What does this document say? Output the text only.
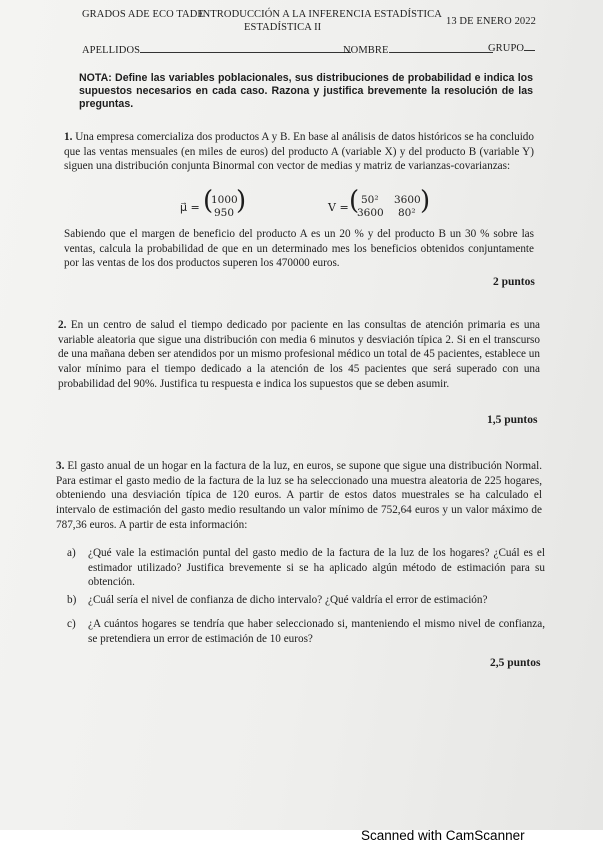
GRADOS ADE ECO TADE
INTRODUCCIÓN A LA INFERENCIA ESTADÍSTICA
ESTADÍSTICA II
13 DE ENERO 2022
APELLIDOS	NOMBRE	GRUPO
NOTA: Define las variables poblacionales, sus distribuciones de probabilidad e indica los supuestos necesarios en cada caso. Razona y justifica brevemente la resolución de las preguntas.
1. Una empresa comercializa dos productos A y B. En base al análisis de datos históricos se ha concluido que las ventas mensuales (en miles de euros) del producto A (variable X) y del producto B (variable Y) siguen una distribución conjunta Binormal con vector de medias y matriz de varianzas-covarianzas:
μ⃗ = (
1000
950 )	V = ( 50² 3600
3600 80² )
Sabiendo que el margen de beneficio del producto A es un 20 % y del producto B un 30 % sobre las ventas, calcula la probabilidad de que en un determinado mes los beneficios obtenidos conjuntamente por las ventas de los dos productos superen los 470000 euros.
2 puntos
2. En un centro de salud el tiempo dedicado por paciente en las consultas de atención primaria es una variable aleatoria que sigue una distribución con media 6 minutos y desviación típica 2. Si en el transcurso de una mañana deben ser atendidos por un mismo profesional médico un total de 45 pacientes, establece un valor mínimo para el tiempo dedicado a la atención de los 45 pacientes que será superado con una probabilidad del 90%. Justifica tu respuesta e indica los supuestos que se deben asumir.
1,5 puntos
3. El gasto anual de un hogar en la factura de la luz, en euros, se supone que sigue una distribución Normal. Para estimar el gasto medio de la factura de la luz se ha seleccionado una muestra aleatoria de 225 hogares, obteniendo una desviación típica de 120 euros. A partir de estos datos muestrales se ha calculado el intervalo de estimación del gasto medio resultando un valor mínimo de 752,64 euros y un valor máximo de 787,36 euros. A partir de esta información:
a) ¿Qué vale la estimación puntal del gasto medio de la factura de la luz de los hogares? ¿Cuál es el estimador utilizado? Justifica brevemente si se ha aplicado algún método de estimación para su obtención.
b) ¿Cuál sería el nivel de confianza de dicho intervalo? ¿Qué valdría el error de estimación?
c) ¿A cuántos hogares se tendría que haber seleccionado si, manteniendo el mismo nivel de confianza, se pretendiera un error de estimación de 10 euros?
2,5 puntos
Scanned with CamScanner
